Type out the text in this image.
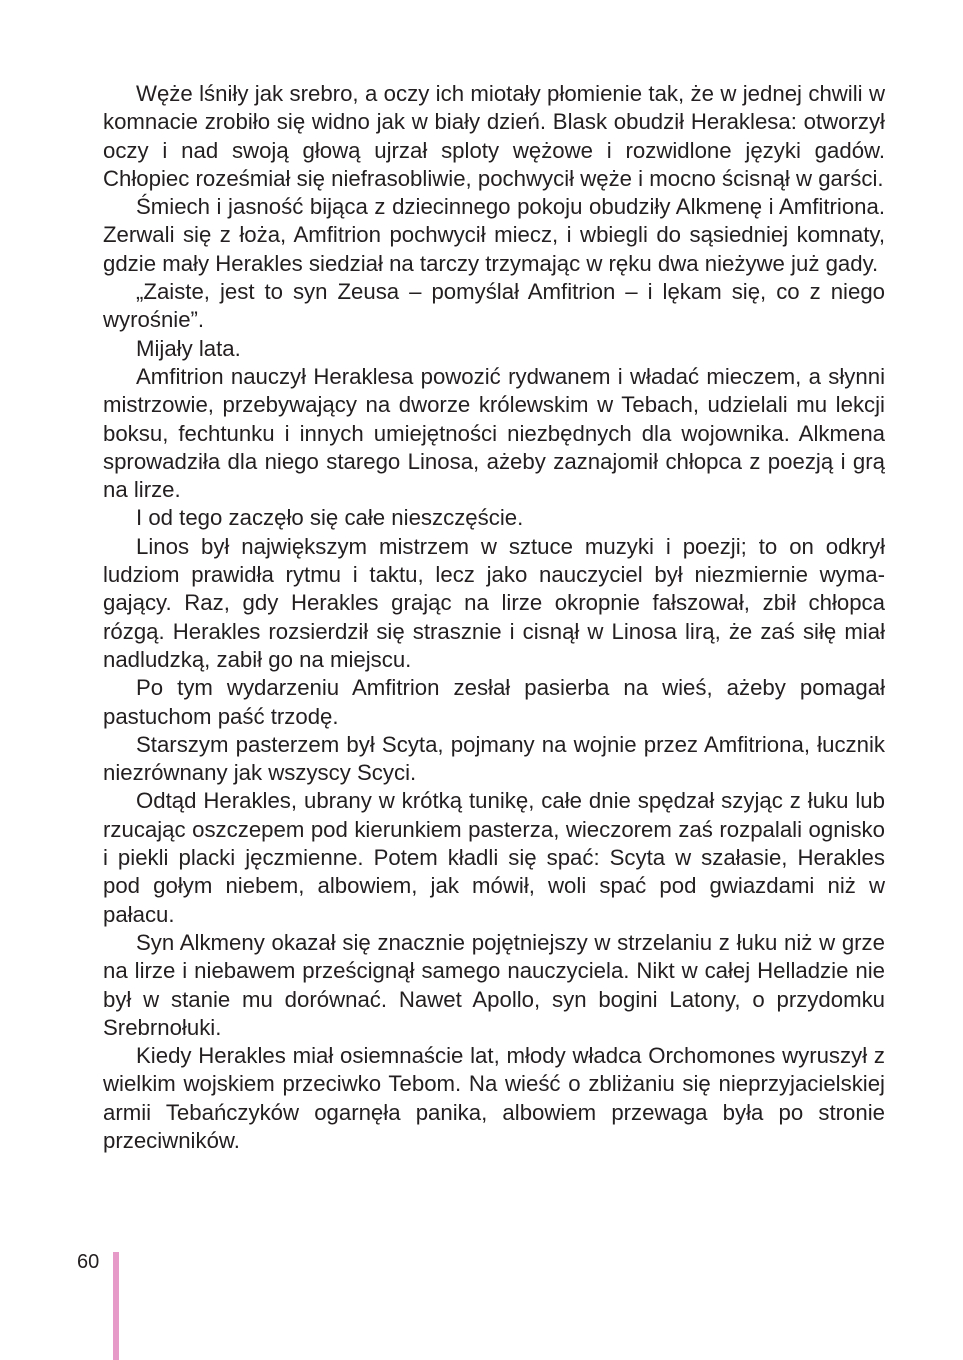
Węże lśniły jak srebro, a oczy ich miotały płomienie tak, że w jednej chwili w komnacie zrobiło się widno jak w biały dzień. Blask obudził Heraklesa: otworzył oczy i nad swoją głową ujrzał sploty wężowe i rozwidlone języki gadów. Chłopiec roześmiał się niefrasobliwie, pochwycił węże i mocno ścisnął w garści.

Śmiech i jasność bijąca z dziecinnego pokoju obudziły Alkmenę i Amfitriona. Zerwali się z łoża, Amfitrion pochwycił miecz, i wbiegli do sąsiedniej komnaty, gdzie mały Herakles siedział na tarczy trzymając w ręku dwa nieżywe już gady.

„Zaiste, jest to syn Zeusa – pomyślał Amfitrion – i lękam się, co z niego wyrośnie”.

Mijały lata.

Amfitrion nauczył Heraklesa powozić rydwanem i władać mieczem, a słynni mistrzowie, przebywający na dworze królewskim w Tebach, udzielali mu lekcji boksu, fechtunku i innych umiejętności niezbędnych dla wojownika. Alkmena sprowadziła dla niego starego Linosa, ażeby zaznajomił chłopca z poezją i grą na lirze.

I od tego zaczęło się całe nieszczęście.

Linos był największym mistrzem w sztuce muzyki i poezji; to on odkrył ludziom prawidła rytmu i taktu, lecz jako nauczyciel był niezmiernie wymagający. Raz, gdy Herakles grając na lirze okropnie fałszował, zbił chłopca rózgą. Herakles rozsierdził się strasznie i cisnął w Linosa lirą, że zaś siłę miał nadludzką, zabił go na miejscu.

Po tym wydarzeniu Amfitrion zesłał pasierba na wieś, ażeby pomagał pastuchom paść trzodę.

Starszym pasterzem był Scyta, pojmany na wojnie przez Amfitriona, łucznik niezrównany jak wszyscy Scyci.

Odtąd Herakles, ubrany w krótką tunikę, całe dnie spędzał szyjąc z łuku lub rzucając oszczepem pod kierunkiem pasterza, wieczorem zaś rozpalali ognisko i piekli placki jęczmienne. Potem kładli się spać: Scyta w szałasie, Herakles pod gołym niebem, albowiem, jak mówił, woli spać pod gwiazdami niż w pałacu.

Syn Alkmeny okazał się znacznie pojętniejszy w strzelaniu z łuku niż w grze na lirze i niebawem prześcignął samego nauczyciela. Nikt w całej Helladzie nie był w stanie mu dorównać. Nawet Apollo, syn bogini Latony, o przydomku Srebrnołuki.

Kiedy Herakles miał osiemnaście lat, młody władca Orchomones wyruszył z wielkim wojskiem przeciwko Tebom. Na wieść o zbliżaniu się nieprzyjacielskiej armii Tebańczyków ogarnęła panika, albowiem przewaga była po stronie przeciwników.

60
